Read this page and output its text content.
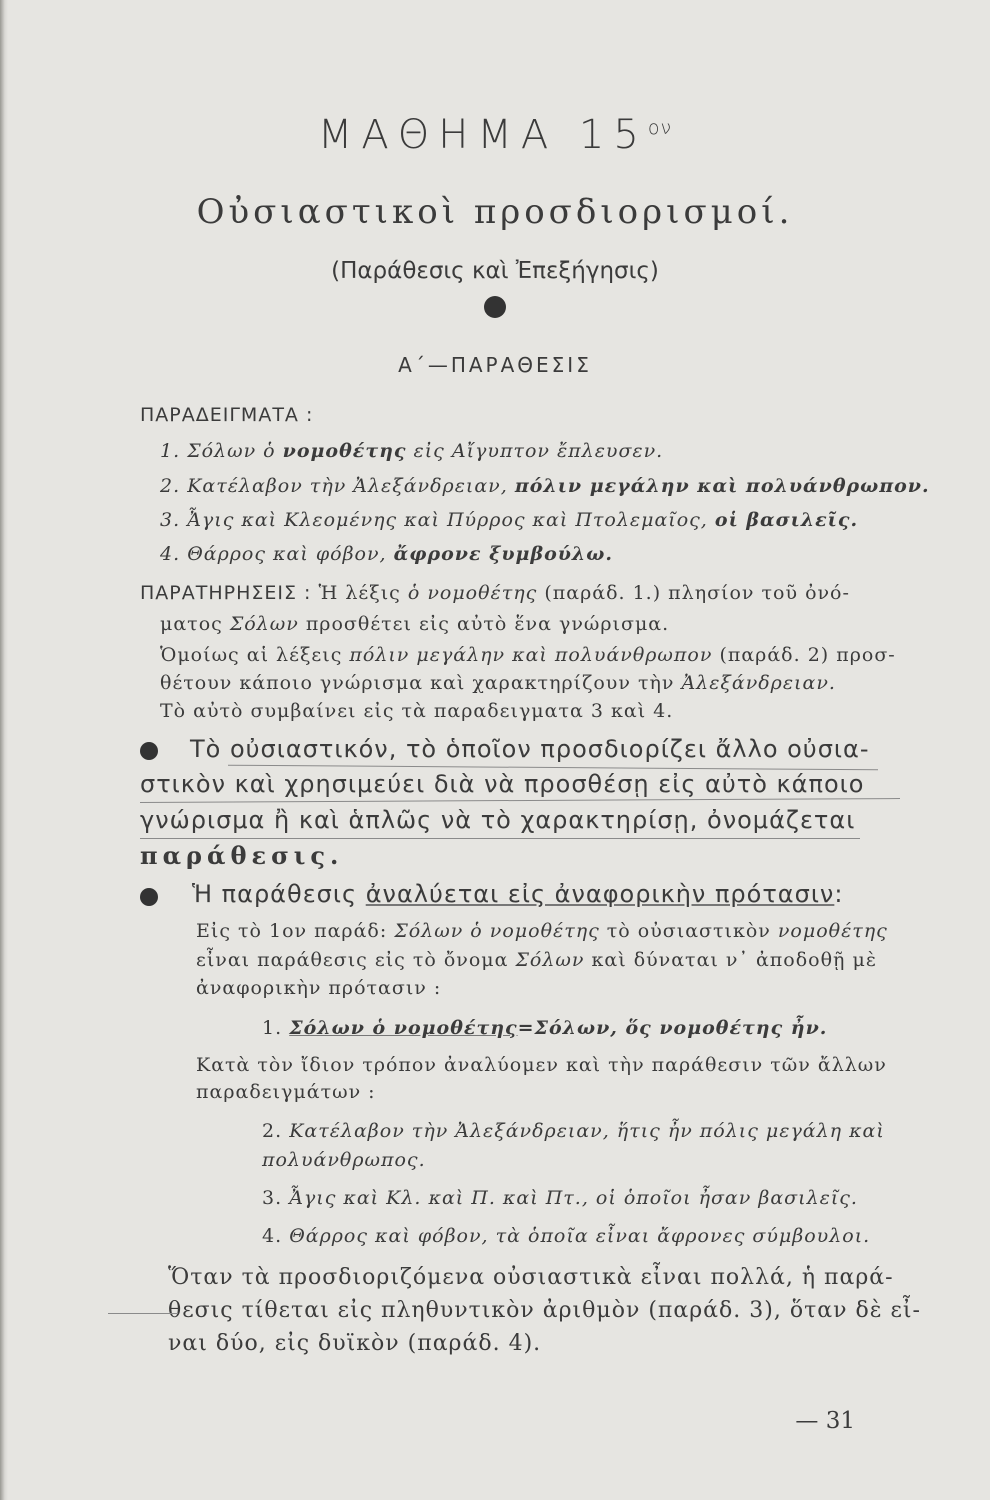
ΜΑΘΗΜΑ $15^{o\nu}$
Οὐσιαστικοὶ προσδιορισμοί.
(Παράθεσις καὶ Ἐπεξήγησις)
Α΄—ΠΑΡΑΘΕΣΙΣ
ΠΑΡΑΔΕΙΓΜΑΤΑ :
1. Σόλων ὁ νομοθέτης εἰς Αἴγυπτον ἔπλευσεν.
2. Κατέλαβον τὴν Ἀλεξάνδρειαν, πόλιν μεγάλην καὶ πολυάνθρωπον.
3. Ἆγις καὶ Κλεομένης καὶ Πύρρος καὶ Πτολεμαῖος, οἱ βασιλεῖς.
4. Θάρρος καὶ φόβον, ἄφρονε ξυμβούλω.
ΠΑΡΑΤΗΡΗΣΕΙΣ : Ἡ λέξις ὁ νομοθέτης (παράδ. 1.) πλησίον τοῦ ὀνό-
ματος Σόλων προσθέτει εἰς αὐτὸ ἕνα γνώρισμα.
Ὁμοίως αἱ λέξεις πόλιν μεγάλην καὶ πολυάνθρωπον (παράδ. 2) προσ-
θέτουν κάποιο γνώρισμα καὶ χαρακτηρίζουν τὴν Ἀλεξάνδρειαν.
Τὸ αὐτὸ συμβαίνει εἰς τὰ παραδειγματα 3 καὶ 4.
Τὸ οὐσιαστικόν, τὸ ὁποῖον προσδιορίζει ἄλλο οὐσια-
στικὸν καὶ χρησιμεύει διὰ νὰ προσθέσῃ εἰς αὐτὸ κάποιο
γνώρισμα ἢ καὶ ἁπλῶς νὰ τὸ χαρακτηρίσῃ, ὀνομάζεται
παράθεσις.
Ἡ παράθεσις ἀναλύεται εἰς ἀναφορικὴν πρότασιν:
Εἰς τὸ 1ον παράδ: Σόλων ὁ νομοθέτης τὸ οὐσιαστικὸν νομοθέτης
εἶναι παράθεσις εἰς τὸ ὄνομα Σόλων καὶ δύναται ν᾽ ἀποδοθῇ μὲ
ἀναφορικὴν πρότασιν :
1. Σόλων ὁ νομοθέτης=Σόλων, ὅς νομοθέτης ἦν.
Κατὰ τὸν ἴδιον τρόπον ἀναλύομεν καὶ τὴν παράθεσιν τῶν ἄλλων
παραδειγμάτων :
2. Κατέλαβον τὴν Ἀλεξάνδρειαν, ἥτις ἦν πόλις μεγάλη καὶ
πολυάνθρωπος.
3. Ἆγις καὶ Κλ. καὶ Π. καὶ Πτ., οἱ ὁποῖοι ἦσαν βασιλεῖς.
4. Θάρρος καὶ φόβον, τὰ ὁποῖα εἶναι ἄφρονες σύμβουλοι.
Ὅταν τὰ προσδιοριζόμενα οὐσιαστικὰ εἶναι πολλά, ἡ παρά-
θεσις τίθεται εἰς πληθυντικὸν ἀριθμὸν (παράδ. 3), ὅταν δὲ εἶ-
ναι δύο, εἰς δυϊκὸν (παράδ. 4).
— 31
